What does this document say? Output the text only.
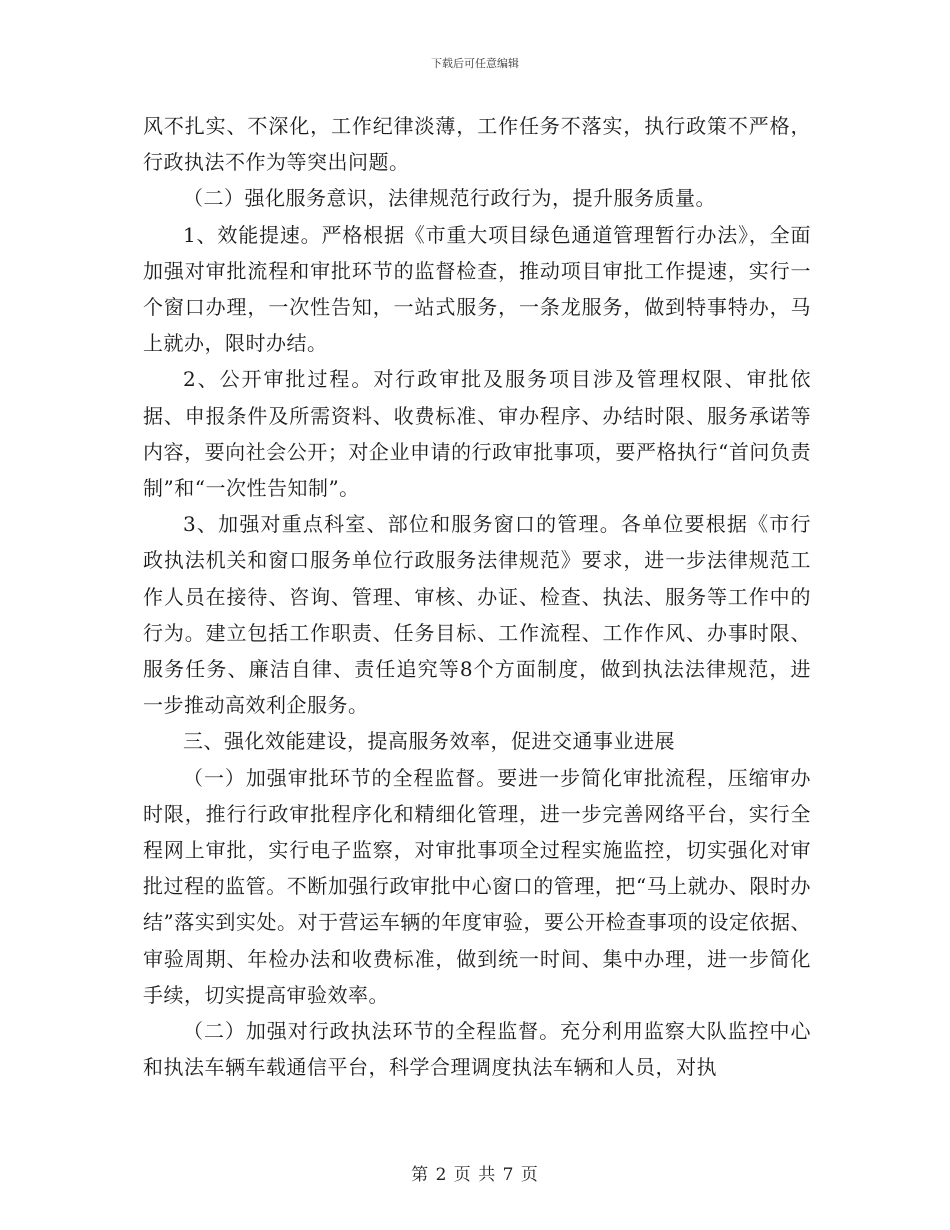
下载后可任意编辑

风不扎实、不深化，工作纪律淡薄，工作任务不落实，执行政策不严格，行政执法不作为等突出问题。

（二）强化服务意识，法律规范行政行为，提升服务质量。

1、效能提速。严格根据《市重大项目绿色通道管理暂行办法》，全面加强对审批流程和审批环节的监督检查，推动项目审批工作提速，实行一个窗口办理，一次性告知，一站式服务，一条龙服务，做到特事特办，马上就办，限时办结。

2、公开审批过程。对行政审批及服务项目涉及管理权限、审批依据、申报条件及所需资料、收费标准、审办程序、办结时限、服务承诺等内容，要向社会公开；对企业申请的行政审批事项，要严格执行“首问负责制”和“一次性告知制”。

3、加强对重点科室、部位和服务窗口的管理。各单位要根据《市行政执法机关和窗口服务单位行政服务法律规范》要求，进一步法律规范工作人员在接待、咨询、管理、审核、办证、检查、执法、服务等工作中的行为。建立包括工作职责、任务目标、工作流程、工作作风、办事时限、服务任务、廉洁自律、责任追究等8个方面制度，做到执法法律规范，进一步推动高效利企服务。

三、强化效能建设，提高服务效率，促进交通事业进展

（一）加强审批环节的全程监督。要进一步简化审批流程，压缩审办时限，推行行政审批程序化和精细化管理，进一步完善网络平台，实行全程网上审批，实行电子监察，对审批事项全过程实施监控，切实强化对审批过程的监管。不断加强行政审批中心窗口的管理，把“马上就办、限时办结”落实到实处。对于营运车辆的年度审验，要公开检查事项的设定依据、审验周期、年检办法和收费标准，做到统一时间、集中办理，进一步简化手续，切实提高审验效率。

（二）加强对行政执法环节的全程监督。充分利用监察大队监控中心和执法车辆车载通信平台，科学合理调度执法车辆和人员，对执

第 2 页 共 7 页
